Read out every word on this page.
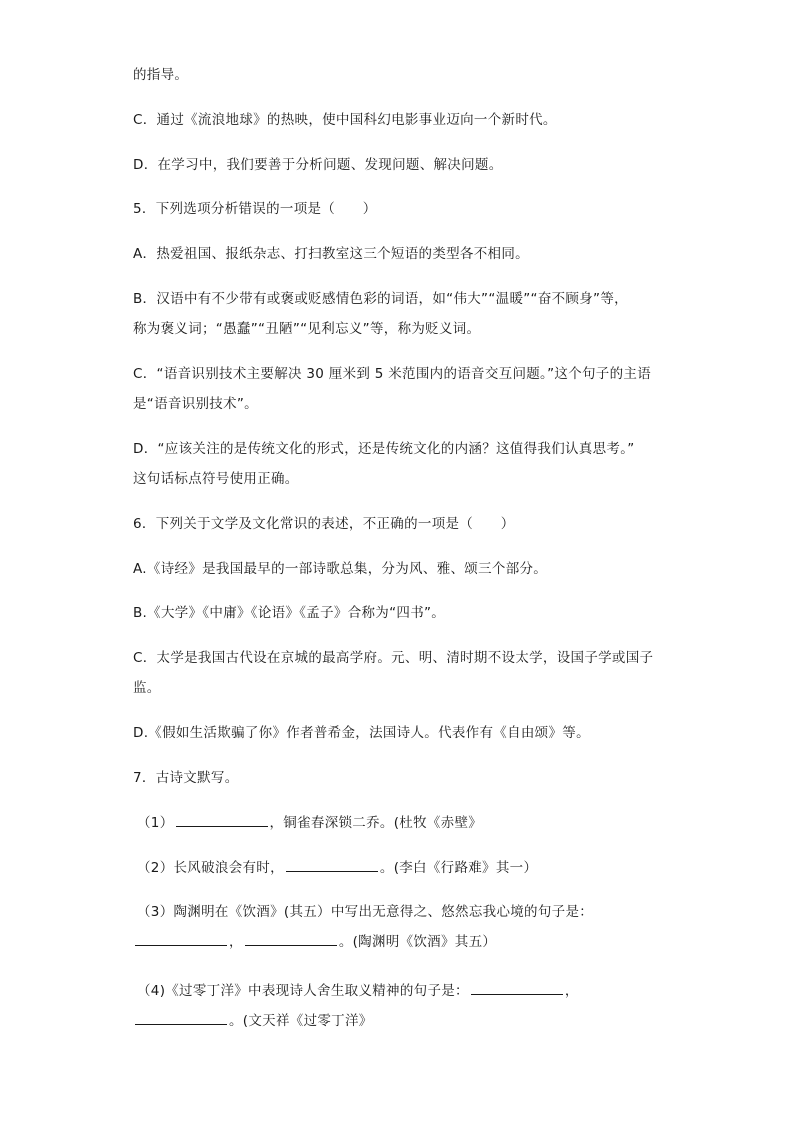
的指导。
C．通过《流浪地球》的热映，使中国科幻电影事业迈向一个新时代。
D．在学习中，我们要善于分析问题、发现问题、解决问题。
5．下列选项分析错误的一项是（　　）
A．热爱祖国、报纸杂志、打扫教室这三个短语的类型各不相同。
B．汉语中有不少带有或褒或贬感情色彩的词语，如“伟大”“温暖”“奋不顾身”等，
称为褒义词；“愚蠢”“丑陋”“见利忘义”等，称为贬义词。
C．“语音识别技术主要解决 30 厘米到 5 米范围内的语音交互问题。”这个句子的主语
是“语音识别技术”。
D．“应该关注的是传统文化的形式，还是传统文化的内涵？这值得我们认真思考。”
这句话标点符号使用正确。
6．下列关于文学及文化常识的表述，不正确的一项是（　　）
A.《诗经》是我国最早的一部诗歌总集，分为风、雅、颂三个部分。
B.《大学》《中庸》《论语》《孟子》合称为“四书”。
C．太学是我国古代设在京城的最高学府。元、明、清时期不设太学，设国子学或国子
监。
D.《假如生活欺骗了你》作者普希金，法国诗人。代表作有《自由颂》等。
7．古诗文默写。
（1）	，铜雀春深锁二乔。(杜牧《赤壁》
（2）长风破浪会有时，	。(李白《行路难》其一）
（3）陶渊明在《饮酒》(其五）中写出无意得之、悠然忘我心境的句子是：
，	。(陶渊明《饮酒》其五）
（4)《过零丁洋》中表现诗人舍生取义精神的句子是：	，
。(文天祥《过零丁洋》
